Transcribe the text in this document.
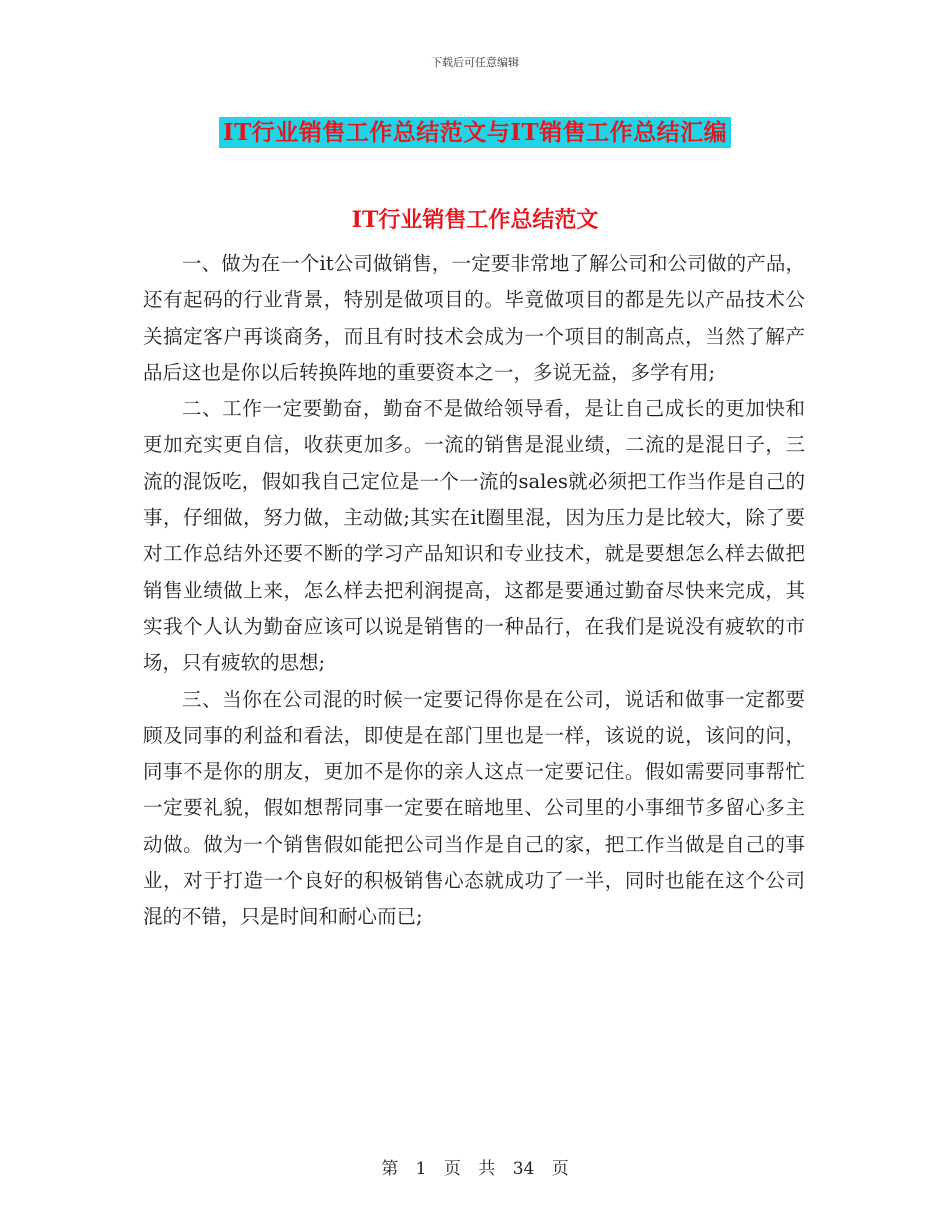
下载后可任意编辑
IT行业销售工作总结范文与IT销售工作总结汇编
IT行业销售工作总结范文

一、做为在一个it公司做销售，一定要非常地了解公司和公司做的产品，还有起码的行业背景，特别是做项目的。毕竟做项目的都是先以产品技术公关搞定客户再谈商务，而且有时技术会成为一个项目的制高点，当然了解产品后这也是你以后转换阵地的重要资本之一，多说无益，多学有用;

二、工作一定要勤奋，勤奋不是做给领导看，是让自己成长的更加快和更加充实更自信，收获更加多。一流的销售是混业绩，二流的是混日子，三流的混饭吃，假如我自己定位是一个一流的sales就必须把工作当作是自己的事，仔细做，努力做，主动做;其实在it圈里混，因为压力是比较大，除了要对工作总结外还要不断的学习产品知识和专业技术，就是要想怎么样去做把销售业绩做上来，怎么样去把利润提高，这都是要通过勤奋尽快来完成，其实我个人认为勤奋应该可以说是销售的一种品行，在我们是说没有疲软的市场，只有疲软的思想;

三、当你在公司混的时候一定要记得你是在公司，说话和做事一定都要顾及同事的利益和看法，即使是在部门里也是一样，该说的说，该问的问，同事不是你的朋友，更加不是你的亲人这点一定要记住。假如需要同事帮忙一定要礼貌，假如想帮同事一定要在暗地里、公司里的小事细节多留心多主动做。做为一个销售假如能把公司当作是自己的家，把工作当做是自己的事业，对于打造一个良好的积极销售心态就成功了一半，同时也能在这个公司混的不错，只是时间和耐心而已;

第 1 页 共 34 页
